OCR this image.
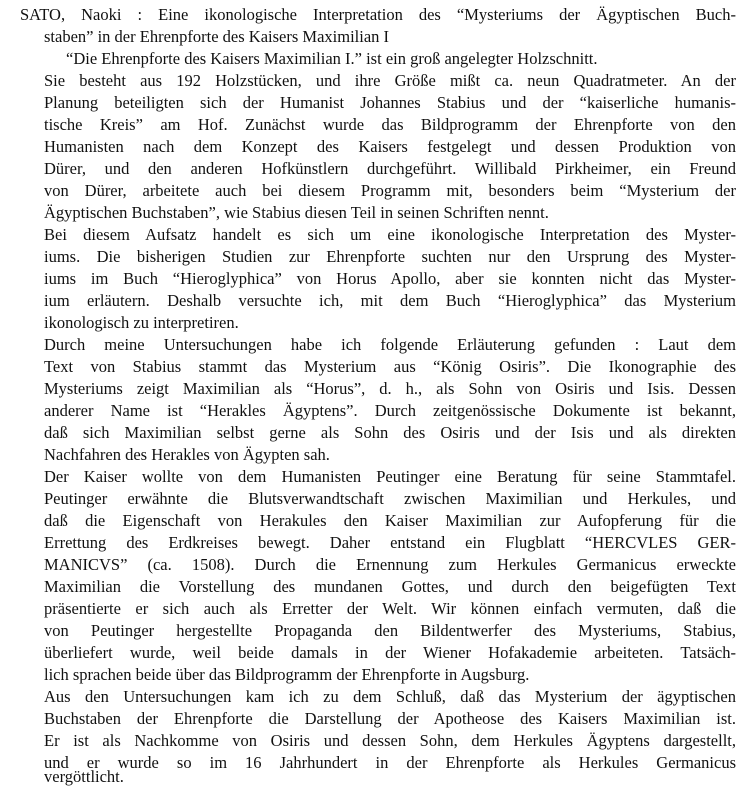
SATO, Naoki : Eine ikonologische Interpretation des “Mysteriums der Ägyptischen Buch-
staben” in der Ehrenpforte des Kaisers Maximilian I
“Die Ehrenpforte des Kaisers Maximilian I.” ist ein groß angelegter Holzschnitt.
Sie besteht aus 192 Holzstücken, und ihre Größe mißt ca. neun Quadratmeter. An der
Planung beteiligten sich der Humanist Johannes Stabius und der “kaiserliche humanis-
tische Kreis” am Hof. Zunächst wurde das Bildprogramm der Ehrenpforte von den
Humanisten nach dem Konzept des Kaisers festgelegt und dessen Produktion von
Dürer, und den anderen Hofkünstlern durchgeführt. Willibald Pirkheimer, ein Freund
von Dürer, arbeitete auch bei diesem Programm mit, besonders beim “Mysterium der
Ägyptischen Buchstaben”, wie Stabius diesen Teil in seinen Schriften nennt.
Bei diesem Aufsatz handelt es sich um eine ikonologische Interpretation des Myster-
iums. Die bisherigen Studien zur Ehrenpforte suchten nur den Ursprung des Myster-
iums im Buch “Hieroglyphica” von Horus Apollo, aber sie konnten nicht das Myster-
ium erläutern. Deshalb versuchte ich, mit dem Buch “Hieroglyphica” das Mysterium
ikonologisch zu interpretiren.
Durch meine Untersuchungen habe ich folgende Erläuterung gefunden : Laut dem
Text von Stabius stammt das Mysterium aus “König Osiris”. Die Ikonographie des
Mysteriums zeigt Maximilian als “Horus”, d. h., als Sohn von Osiris und Isis. Dessen
anderer Name ist “Herakles Ägyptens”. Durch zeitgenössische Dokumente ist bekannt,
daß sich Maximilian selbst gerne als Sohn des Osiris und der Isis und als direkten
Nachfahren des Herakles von Ägypten sah.
Der Kaiser wollte von dem Humanisten Peutinger eine Beratung für seine Stammtafel.
Peutinger erwähnte die Blutsverwandtschaft zwischen Maximilian und Herkules, und
daß die Eigenschaft von Herakules den Kaiser Maximilian zur Aufopferung für die
Errettung des Erdkreises bewegt. Daher entstand ein Flugblatt “HERCVLES GER-
MANICVS” (ca. 1508). Durch die Ernennung zum Herkules Germanicus erweckte
Maximilian die Vorstellung des mundanen Gottes, und durch den beigefügten Text
präsentierte er sich auch als Erretter der Welt. Wir können einfach vermuten, daß die
von Peutinger hergestellte Propaganda den Bildentwerfer des Mysteriums, Stabius,
überliefert wurde, weil beide damals in der Wiener Hofakademie arbeiteten. Tatsäch-
lich sprachen beide über das Bildprogramm der Ehrenpforte in Augsburg.
Aus den Untersuchungen kam ich zu dem Schluß, daß das Mysterium der ägyptischen
Buchstaben der Ehrenpforte die Darstellung der Apotheose des Kaisers Maximilian ist.
Er ist als Nachkomme von Osiris und dessen Sohn, dem Herkules Ägyptens dargestellt,
und er wurde so im 16 Jahrhundert in der Ehrenpforte als Herkules Germanicus
vergöttlicht.
